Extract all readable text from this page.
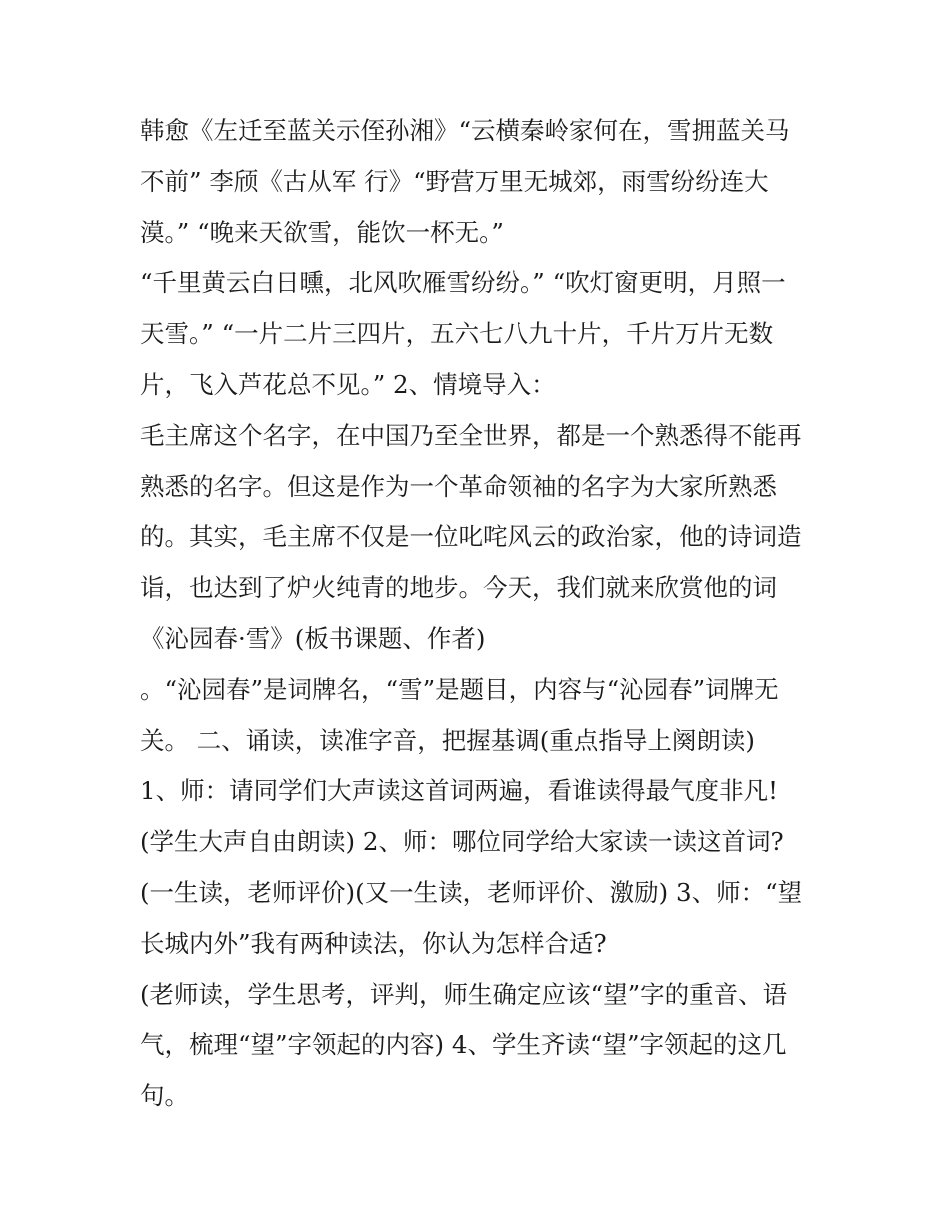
韩愈《左迁至蓝关示侄孙湘》“云横秦岭家何在，雪拥蓝关马
不前” 李颀《古从军 行》“野营万里无城郊，雨雪纷纷连大
漠。” “晚来天欲雪，能饮一杯无。”
“千里黄云白日曛，北风吹雁雪纷纷。” “吹灯窗更明，月照一
天雪。” “一片二片三四片，五六七八九十片，千片万片无数
片，飞入芦花总不见。” 2、情境导入：
毛主席这个名字，在中国乃至全世界，都是一个熟悉得不能再
熟悉的名字。但这是作为一个革命领袖的名字为大家所熟悉
的。其实，毛主席不仅是一位叱咤风云的政治家，他的诗词造
诣，也达到了炉火纯青的地步。今天，我们就来欣赏他的词
《沁园春·雪》(板书课题、作者)
。“沁园春”是词牌名，“雪”是题目，内容与“沁园春”词牌无
关。 二、诵读，读准字音，把握基调(重点指导上阕朗读)
1、师：请同学们大声读这首词两遍，看谁读得最气度非凡!
(学生大声自由朗读) 2、师：哪位同学给大家读一读这首词?
(一生读，老师评价)(又一生读，老师评价、激励) 3、师：“望
长城内外”我有两种读法，你认为怎样合适?
(老师读，学生思考，评判，师生确定应该“望”字的重音、语
气，梳理“望”字领起的内容) 4、学生齐读“望”字领起的这几
句。
